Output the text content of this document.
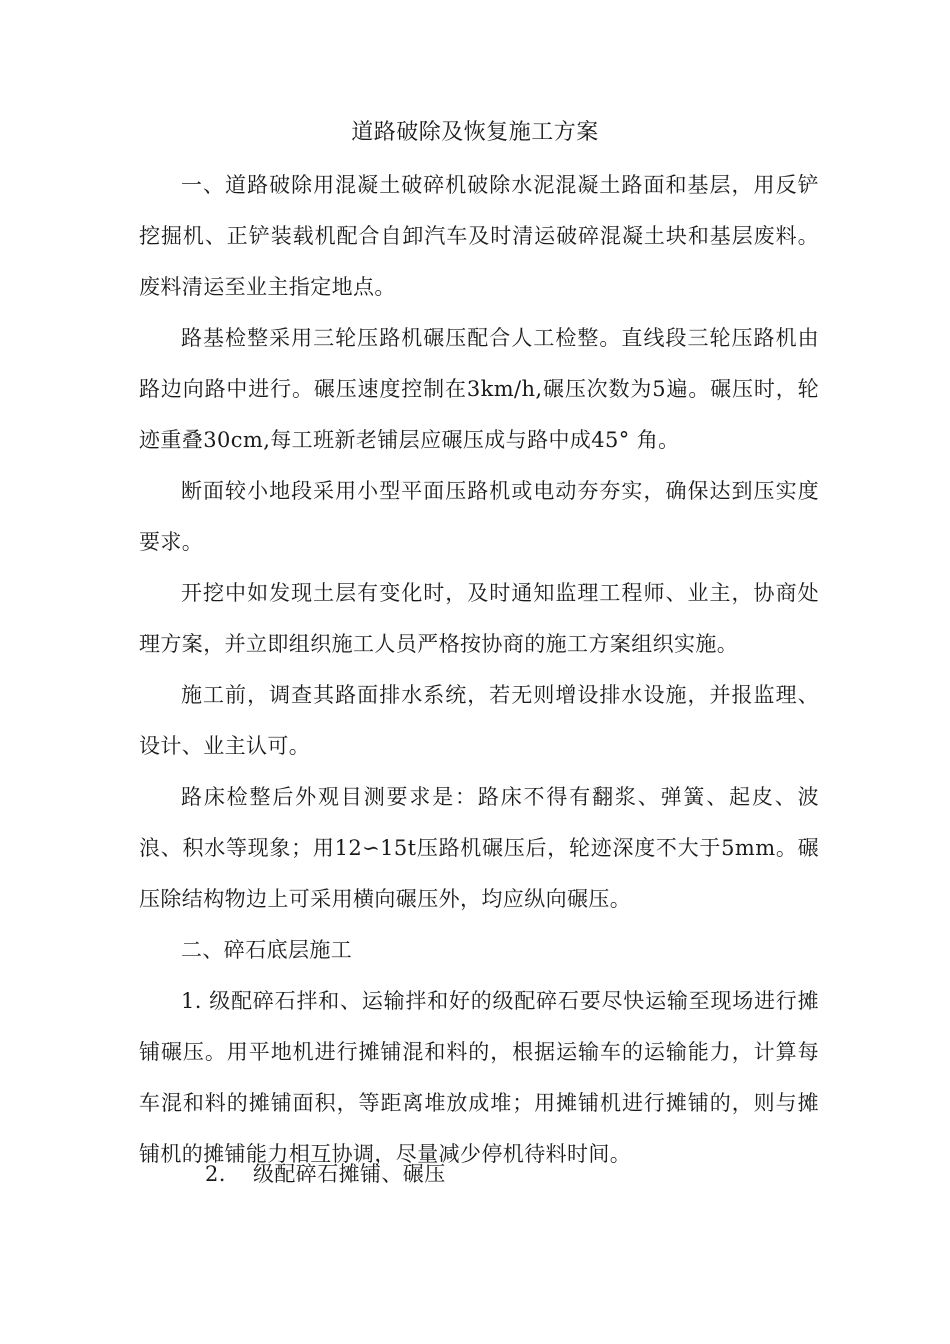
道路破除及恢复施工方案

一、道路破除用混凝土破碎机破除水泥混凝土路面和基层，用反铲挖掘机、正铲装载机配合自卸汽车及时清运破碎混凝土块和基层废料。废料清运至业主指定地点。

路基检整采用三轮压路机碾压配合人工检整。直线段三轮压路机由路边向路中进行。碾压速度控制在3km/h,碾压次数为5遍。碾压时，轮迹重叠30cm,每工班新老铺层应碾压成与路中成45° 角。

断面较小地段采用小型平面压路机或电动夯夯实，确保达到压实度要求。

开挖中如发现土层有变化时，及时通知监理工程师、业主，协商处理方案，并立即组织施工人员严格按协商的施工方案组织实施。

施工前，调查其路面排水系统，若无则增设排水设施，并报监理、设计、业主认可。

路床检整后外观目测要求是：路床不得有翻浆、弹簧、起皮、波浪、积水等现象；用12∽15t压路机碾压后，轮迹深度不大于5mm。碾压除结构物边上可采用横向碾压外，均应纵向碾压。

二、碎石底层施工

1. 级配碎石拌和、运输拌和好的级配碎石要尽快运输至现场进行摊铺碾压。用平地机进行摊铺混和料的，根据运输车的运输能力，计算每车混和料的摊铺面积，等距离堆放成堆；用摊铺机进行摊铺的，则与摊铺机的摊铺能力相互协调，尽量减少停机待料时间。

2. 级配碎石摊铺、碾压
